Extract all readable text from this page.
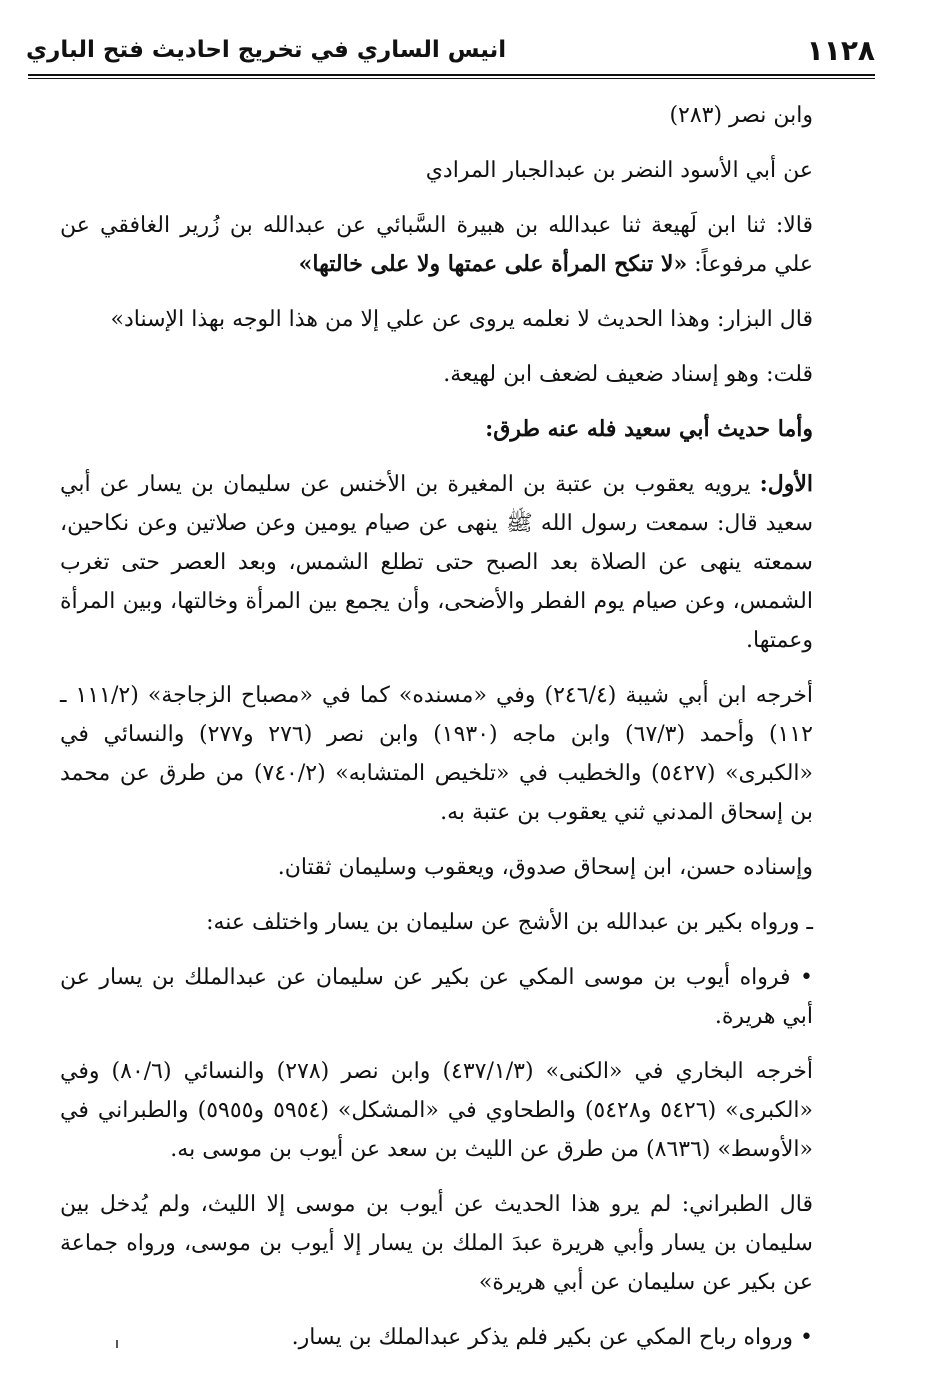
١١٢٨
انيس الساري في تخريج احاديث فتح الباري

وابن نصر (٢٨٣)

عن أبي الأسود النضر بن عبدالجبار المرادي

قالا: ثنا ابن لَهيعة ثنا عبدالله بن هبيرة السَّبائي عن عبدالله بن زُرير الغافقي عن علي مرفوعاً: «لا تنكح المرأة على عمتها ولا على خالتها»

قال البزار: وهذا الحديث لا نعلمه يروى عن علي إلا من هذا الوجه بهذا الإسناد»

قلت: وهو إسناد ضعيف لضعف ابن لهيعة.

وأما حديث أبي سعيد فله عنه طرق:

الأول: يرويه يعقوب بن عتبة بن المغيرة بن الأخنس عن سليمان بن يسار عن أبي سعيد قال: سمعت رسول الله ﷺ ينهى عن صيام يومين وعن صلاتين وعن نكاحين، سمعته ينهى عن الصلاة بعد الصبح حتى تطلع الشمس، وبعد العصر حتى تغرب الشمس، وعن صيام يوم الفطر والأضحى، وأن يجمع بين المرأة وخالتها، وبين المرأة وعمتها.

أخرجه ابن أبي شيبة (٢٤٦/٤) وفي «مسنده» كما في «مصباح الزجاجة» (١١١/٢ ـ ١١٢) وأحمد (٦٧/٣) وابن ماجه (١٩٣٠) وابن نصر (٢٧٦ و٢٧٧) والنسائي في «الكبرى» (٥٤٢٧) والخطيب في «تلخيص المتشابه» (٧٤٠/٢) من طرق عن محمد بن إسحاق المدني ثني يعقوب بن عتبة به.

وإسناده حسن، ابن إسحاق صدوق، ويعقوب وسليمان ثقتان.

ـ ورواه بكير بن عبدالله بن الأشج عن سليمان بن يسار واختلف عنه:

• فرواه أيوب بن موسى المكي عن بكير عن سليمان عن عبدالملك بن يسار عن أبي هريرة.

أخرجه البخاري في «الكنى» (٤٣٧/١/٣) وابن نصر (٢٧٨) والنسائي (٨٠/٦) وفي «الكبرى» (٥٤٢٦ و٥٤٢٨) والطحاوي في «المشكل» (٥٩٥٤ و٥٩٥٥) والطبراني في «الأوسط» (٨٦٣٦) من طرق عن الليث بن سعد عن أيوب بن موسى به.

قال الطبراني: لم يرو هذا الحديث عن أيوب بن موسى إلا الليث، ولم يُدخل بين سليمان بن يسار وأبي هريرة عبدَ الملك بن يسار إلا أيوب بن موسى، ورواه جماعة عن بكير عن سليمان عن أبي هريرة»

• ورواه رباح المكي عن بكير فلم يذكر عبدالملك بن يسار.
